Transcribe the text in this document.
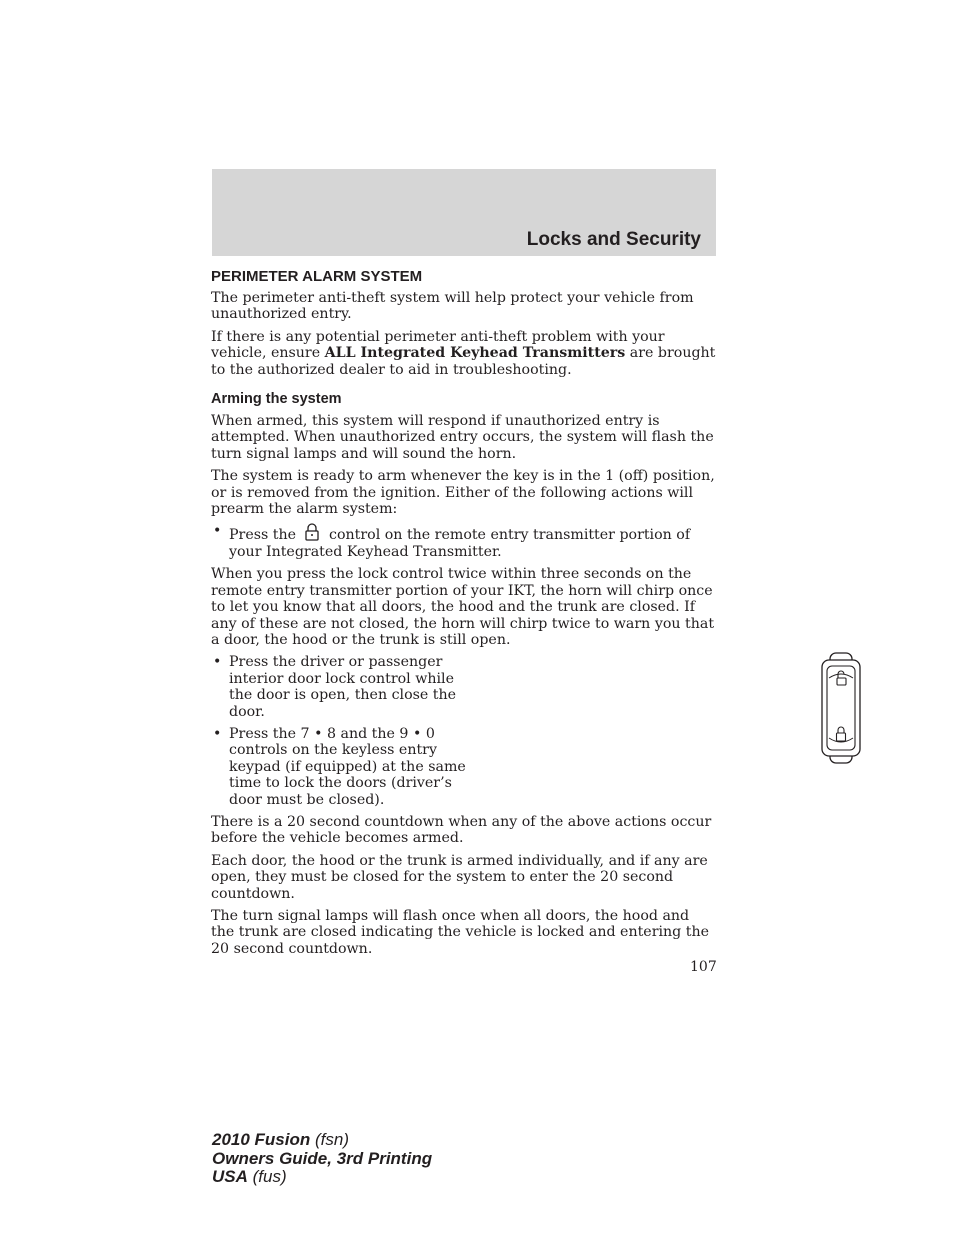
Locks and Security
PERIMETER ALARM SYSTEM

The perimeter anti-theft system will help protect your vehicle from unauthorized entry.

If there is any potential perimeter anti-theft problem with your vehicle, ensure ALL Integrated Keyhead Transmitters are brought to the authorized dealer to aid in troubleshooting.

Arming the system

When armed, this system will respond if unauthorized entry is attempted. When unauthorized entry occurs, the system will flash the turn signal lamps and will sound the horn.

The system is ready to arm whenever the key is in the 1 (off) position, or is removed from the ignition. Either of the following actions will prearm the alarm system:

• Press the  control on the remote entry transmitter portion of your Integrated Keyhead Transmitter.

When you press the lock control twice within three seconds on the remote entry transmitter portion of your IKT, the horn will chirp once to let you know that all doors, the hood and the trunk are closed. If any of these are not closed, the horn will chirp twice to warn you that a door, the hood or the trunk is still open.

• Press the driver or passenger interior door lock control while the door is open, then close the door.
• Press the 7 • 8 and the 9 • 0 controls on the keyless entry keypad (if equipped) at the same time to lock the doors (driver’s door must be closed).

There is a 20 second countdown when any of the above actions occur before the vehicle becomes armed.

Each door, the hood or the trunk is armed individually, and if any are open, they must be closed for the system to enter the 20 second countdown.

The turn signal lamps will flash once when all doors, the hood and the trunk are closed indicating the vehicle is locked and entering the 20 second countdown.

107
2010 Fusion (fsn)
Owners Guide, 3rd Printing
USA (fus)
